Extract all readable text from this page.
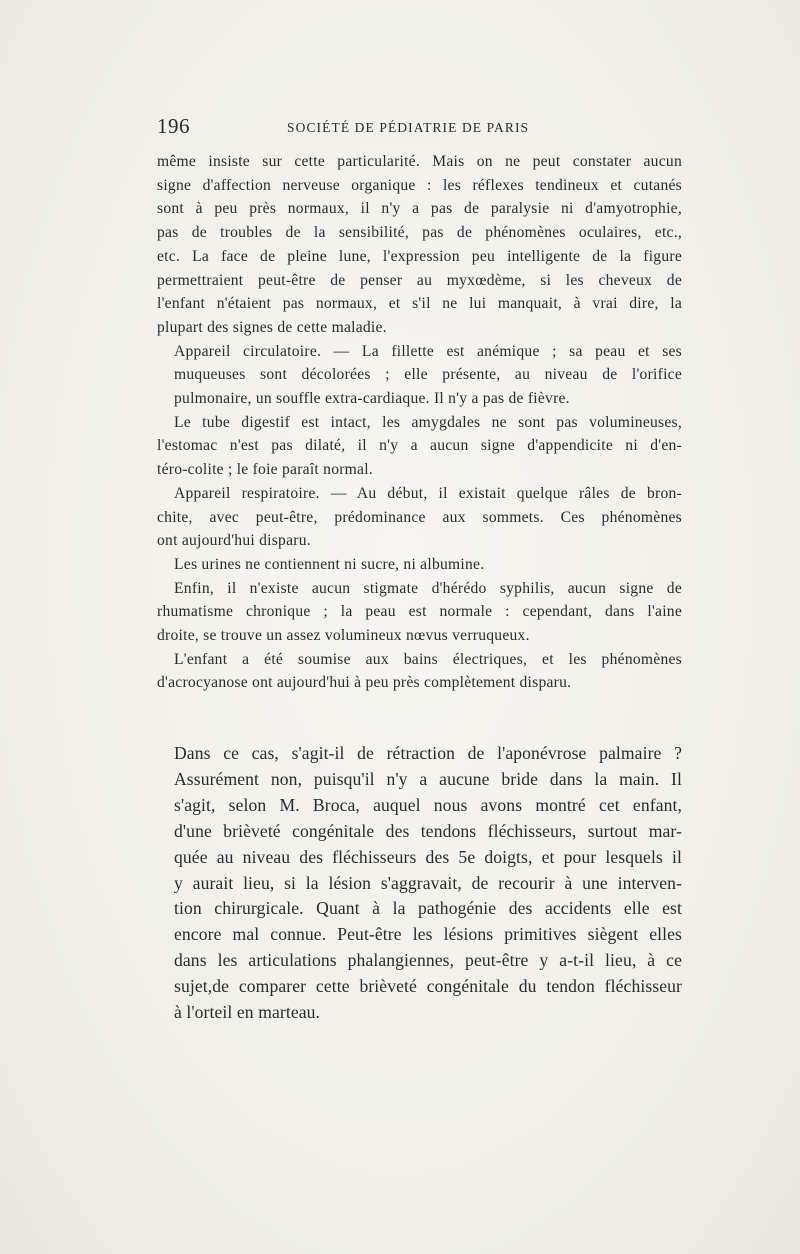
196	SOCIÉTÉ DE PÉDIATRIE DE PARIS

même insiste sur cette particularité. Mais on ne peut constater aucun
signe d'affection nerveuse organique : les réflexes tendineux et cutanés
sont à peu près normaux, il n'y a pas de paralysie ni d'amyotrophie,
pas de troubles de la sensibilité, pas de phénomènes oculaires, etc.,
etc. La face de pleine lune, l'expression peu intelligente de la figure
permettraient peut-être de penser au myxœdème, si les cheveux de
l'enfant n'étaient pas normaux, et s'il ne lui manquait, à vrai dire, la
plupart des signes de cette maladie.

Appareil circulatoire. — La fillette est anémique ; sa peau et ses
muqueuses sont décolorées ; elle présente, au niveau de l'orifice
pulmonaire, un souffle extra-cardiaque. Il n'y a pas de fièvre.

Le tube digestif est intact, les amygdales ne sont pas volumineuses,
l'estomac n'est pas dilaté, il n'y a aucun signe d'appendicite ni d'en-
téro-colite ; le foie paraît normal.

Appareil respiratoire. — Au début, il existait quelque râles de bron-
chite, avec peut-être, prédominance aux sommets. Ces phénomènes
ont aujourd'hui disparu.

Les urines ne contiennent ni sucre, ni albumine.

Enfin, il n'existe aucun stigmate d'hérédo syphilis, aucun signe de
rhumatisme chronique ; la peau est normale : cependant, dans l'aine
droite, se trouve un assez volumineux nœvus verruqueux.

L'enfant a été soumise aux bains électriques, et les phénomènes
d'acrocyanose ont aujourd'hui à peu près complètement disparu.

Dans ce cas, s'agit-il de rétraction de l'aponévrose palmaire ?
Assurément non, puisqu'il n'y a aucune bride dans la main. Il
s'agit, selon M. Broca, auquel nous avons montré cet enfant,
d'une brièveté congénitale des tendons fléchisseurs, surtout mar-
quée au niveau des fléchisseurs des 5e doigts, et pour lesquels il
y aurait lieu, si la lésion s'aggravait, de recourir à une interven-
tion chirurgicale. Quant à la pathogénie des accidents elle est
encore mal connue. Peut-être les lésions primitives siègent elles
dans les articulations phalangiennes, peut-être y a-t-il lieu, à ce
sujet,de comparer cette brièveté congénitale du tendon fléchisseur
à l'orteil en marteau.
